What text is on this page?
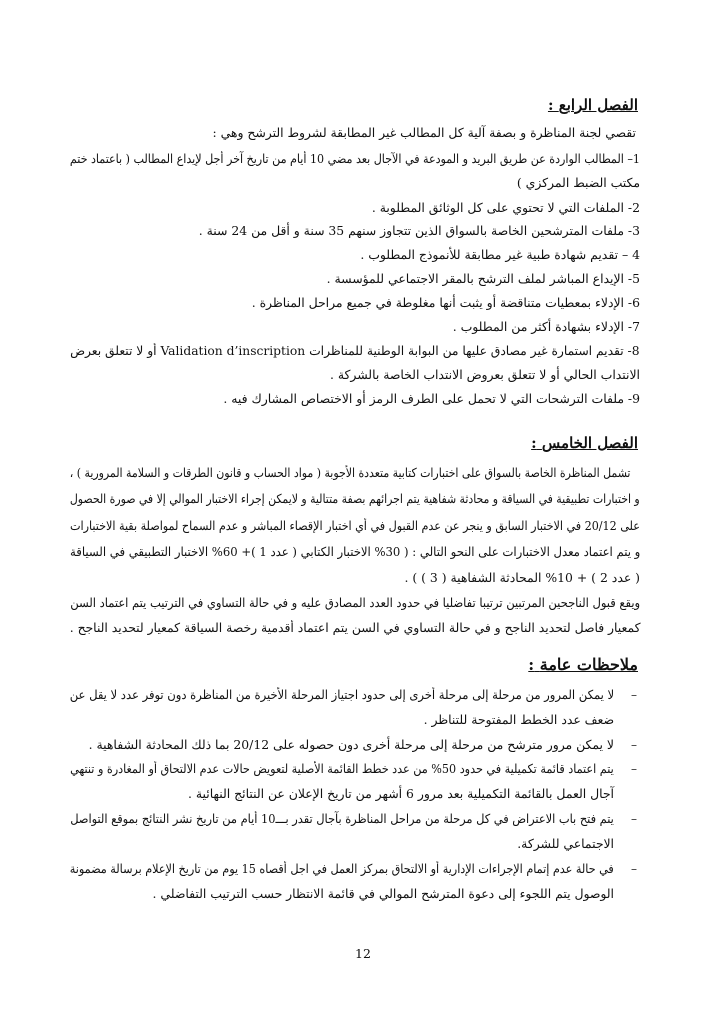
الفصل الرابع :
تقصي لجنة المناظرة و بصفة آلية كل المطالب غير المطابقة لشروط الترشح وهي :
1– المطالب الواردة عن طريق البريد و المودعة في الآجال بعد مضي 10 أيام من تاريخ آخر أجل لإيداع المطالب ( باعتماد ختم
مكتب الضبط المركزي )
2- الملفات التي لا تحتوي على كل الوثائق المطلوبة .
3- ملفات المترشحين الخاصة بالسواق الذين تتجاوز سنهم 35 سنة و أقل من 24 سنة .
4 – تقديم شهادة طبية غير مطابقة للأنموذج المطلوب .
5- الإيداع المباشر لملف الترشح بالمقر الاجتماعي للمؤسسة .
6- الإدلاء بمعطيات متناقضة أو يثبت أنها مغلوطة في جميع مراحل المناظرة .
7- الإدلاء بشهادة أكثر من المطلوب .
8- تقديم استمارة غير مصادق عليها من البوابة الوطنية للمناظرات Validation d’inscription أو لا تتعلق بعرض
الانتداب الحالي أو لا تتعلق بعروض الانتداب الخاصة بالشركة .
9- ملفات الترشحات التي لا تحمل على الطرف الرمز أو الاختصاص المشارك فيه .
الفصل الخامس :
تشمل المناظرة الخاصة بالسواق على اختبارات كتابية متعددة الأجوبة ( مواد الحساب و قانون الطرقات و السلامة المرورية ) ،
و اختبارات تطبيقية في السياقة و محادثة شفاهية يتم اجرائهم بصفة متتالية و لايمكن إجراء الاختبار الموالي إلا في صورة الحصول
على 20/12 في الاختبار السابق و ينجر عن عدم القبول في أي اختبار الإقصاء المباشر و عدم السماح لمواصلة بقية الاختبارات
و يتم اعتماد معدل الاختبارات على النحو التالي : ( 30% الاختبار الكتابي ( عدد 1 )+ 60% الاختبار التطبيقي في السياقة
( عدد 2 ) + 10% المحادثة الشفاهية ( 3 ) ) .
ويقع قبول الناجحين المرتبين ترتيبا تفاضليا في حدود العدد المصادق عليه و في حالة التساوي في الترتيب يتم اعتماد السن
كمعيار فاصل لتحديد الناجح و في حالة التساوي في السن يتم اعتماد أقدمية رخصة السياقة كمعيار لتحديد الناجح .
ملاحظات عامة :
–
لا يمكن المرور من مرحلة إلى مرحلة أخرى إلى حدود اجتياز المرحلة الأخيرة من المناظرة دون توفر عدد لا يقل عن
ضعف عدد الخطط المفتوحة للتناظر .
–
لا يمكن مرور مترشح من مرحلة إلى مرحلة أخرى دون حصوله على 20/12 بما ذلك المحادثة الشفاهية .
–
يتم اعتماد قائمة تكميلية في حدود 50% من عدد خطط القائمة الأصلية لتعويض حالات عدم الالتحاق أو المغادرة و تنتهي
آجال العمل بالقائمة التكميلية بعد مرور 6 أشهر من تاريخ الإعلان عن النتائج النهائية .
–
يتم فتح باب الاعتراض في كل مرحلة من مراحل المناظرة بآجال تقدر بـــ10 أيام من تاريخ نشر النتائج بموقع التواصل
الاجتماعي للشركة.
–
في حالة عدم إتمام الإجراءات الإدارية أو الالتحاق بمركز العمل في اجل أقصاه 15 يوم من تاريخ الإعلام برسالة مضمونة
الوصول يتم اللجوء إلى دعوة المترشح الموالي في قائمة الانتظار حسب الترتيب التفاضلي .
12
